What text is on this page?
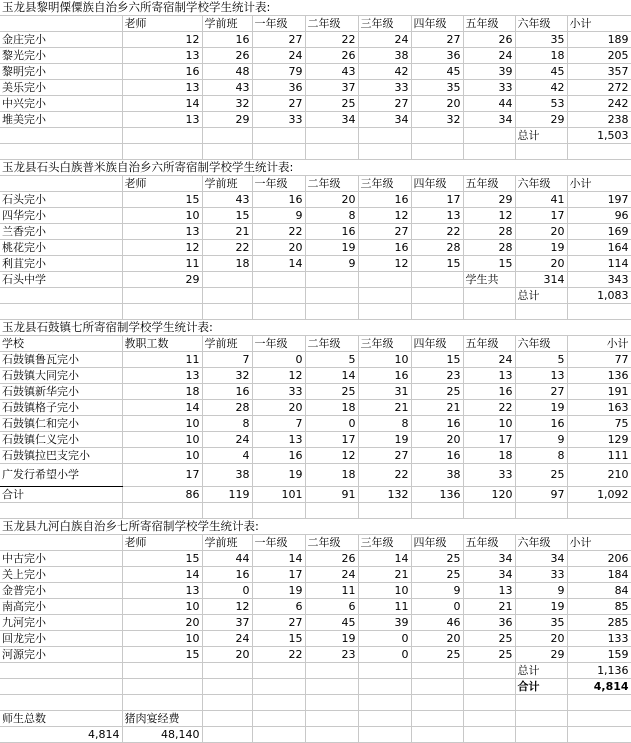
玉龙县黎明傈僳族自治乡六所寄宿制学校学生统计表:									
	老师	学前班	一年级	二年级	三年级	四年级	五年级	六年级	小计
金庄完小	12	16	27	22	24	27	26	35	189
黎光完小	13	26	24	26	38	36	24	18	205
黎明完小	16	48	79	43	42	45	39	45	357
美乐完小	13	43	36	37	33	35	33	42	272
中兴完小	14	32	27	25	27	20	44	53	242
堆美完小	13	29	33	34	34	32	34	29	238
								总计	1,503

玉龙县石头白族普米族自治乡六所寄宿制学校学生统计表:									
	老师	学前班	一年级	二年级	三年级	四年级	五年级	六年级	小计
石头完小	15	43	16	20	16	17	29	41	197
四华完小	10	15	9	8	12	13	12	17	96
兰香完小	13	21	22	16	27	22	28	20	169
桃花完小	12	22	20	19	16	28	28	19	164
利苴完小	11	18	14	9	12	15	15	20	114
石头中学	29						学生共	314	343
								总计	1,083

玉龙县石鼓镇七所寄宿制学校学生统计表:									
学校	教职工数	学前班	一年级	二年级	三年级	四年级	五年级	六年级	小计
石鼓镇鲁瓦完小	11	7	0	5	10	15	24	5	77
石鼓镇大同完小	13	32	12	14	16	23	13	13	136
石鼓镇新华完小	18	16	33	25	31	25	16	27	191
石鼓镇格子完小	14	28	20	18	21	21	22	19	163
石鼓镇仁和完小	10	8	7	0	8	16	10	16	75
石鼓镇仁义完小	10	24	13	17	19	20	17	9	129
石鼓镇拉巴支完小	10	4	16	12	27	16	18	8	111
广发行希望小学	17	38	19	18	22	38	33	25	210
合计	86	119	101	91	132	136	120	97	1,092

玉龙县九河白族自治乡七所寄宿制学校学生统计表:									
	老师	学前班	一年级	二年级	三年级	四年级	五年级	六年级	小计
中古完小	15	44	14	26	14	25	34	34	206
关上完小	14	16	17	24	21	25	34	33	184
金普完小	13	0	19	11	10	9	13	9	84
南高完小	10	12	6	6	11	0	21	19	85
九河完小	20	37	27	45	39	46	36	35	285
回龙完小	10	24	15	19	0	20	25	20	133
河源完小	15	20	22	23	0	25	25	29	159
								总计	1,136
								合计	4,814

师生总数	猪肉宴经费								
4,814	48,140								
